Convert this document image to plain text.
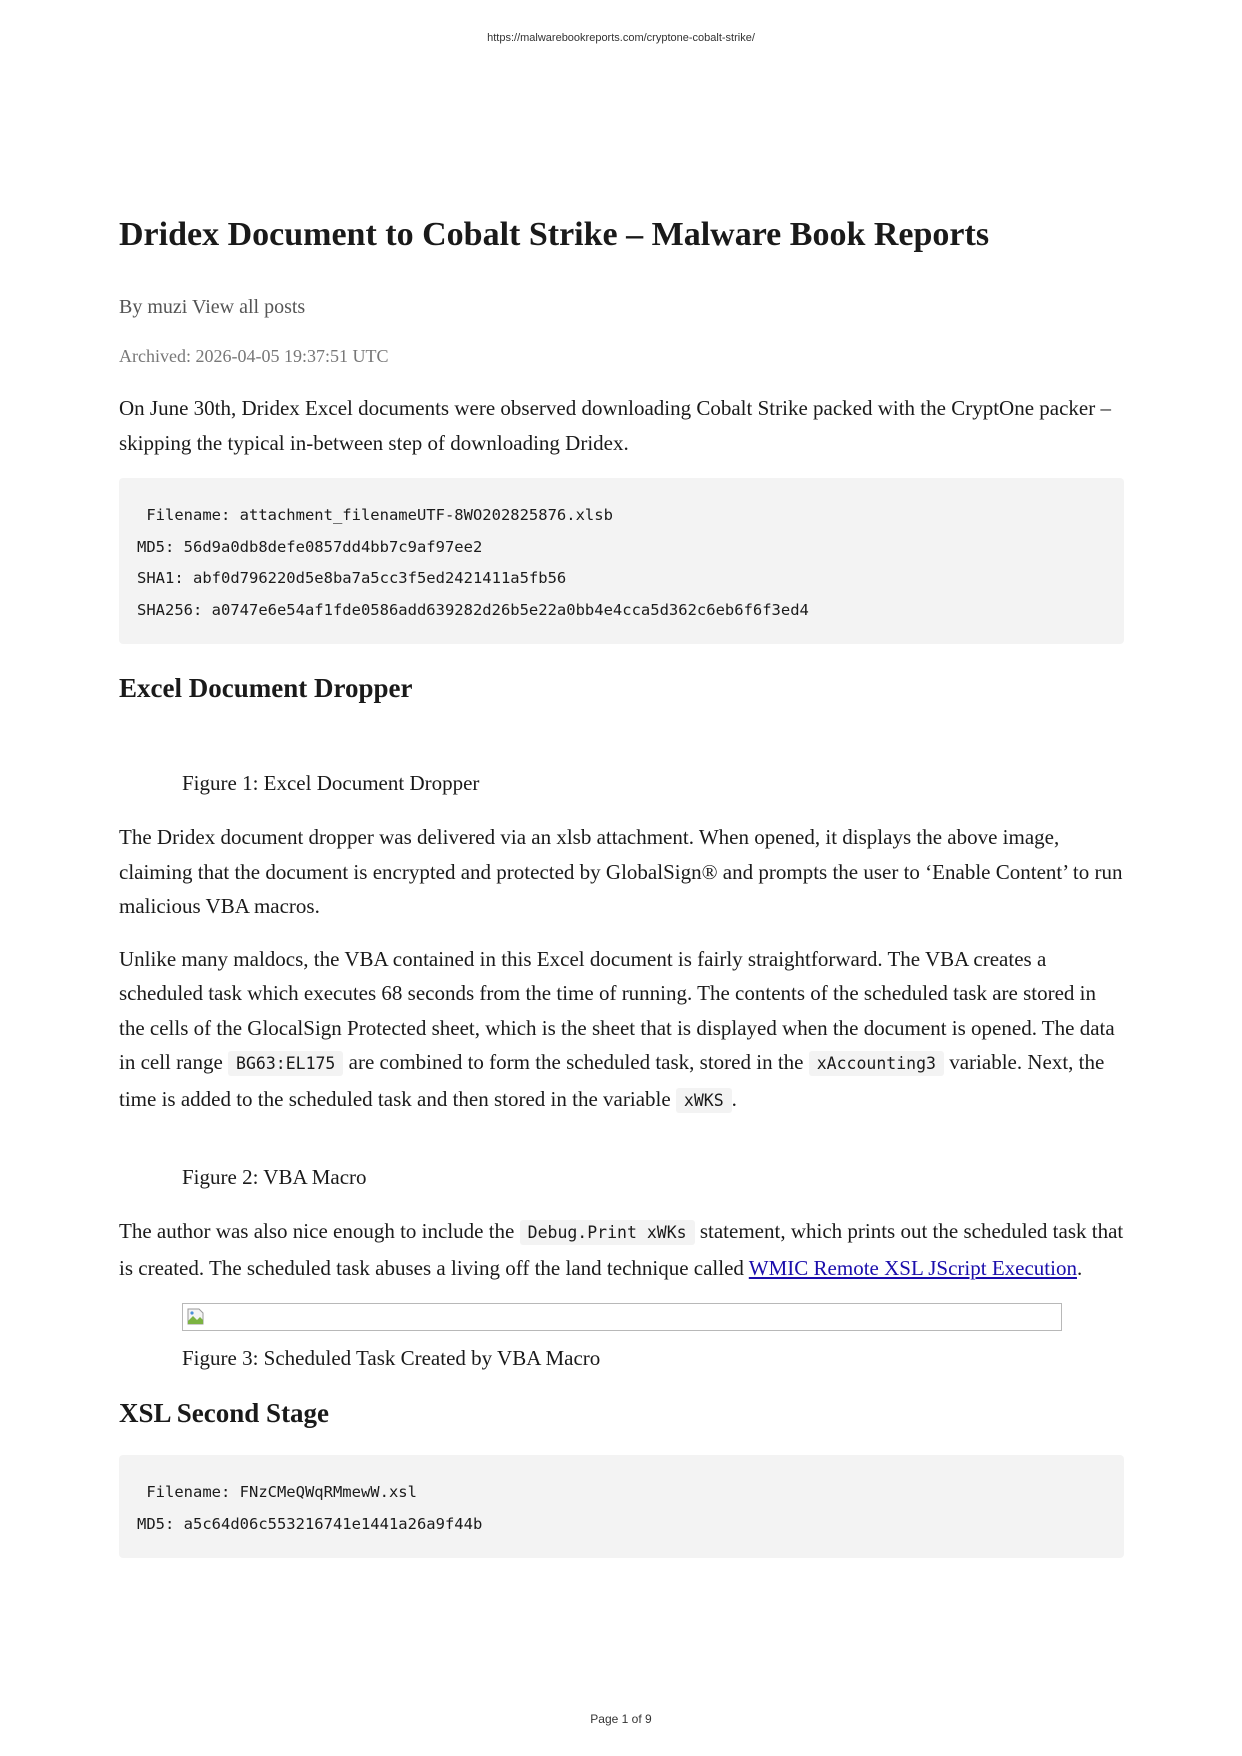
https://malwarebookreports.com/cryptone-cobalt-strike/
Dridex Document to Cobalt Strike – Malware Book Reports
By muzi View all posts
Archived: 2026-04-05 19:37:51 UTC

On June 30th, Dridex Excel documents were observed downloading Cobalt Strike packed with the CryptOne packer – skipping the typical in-between step of downloading Dridex.

Filename: attachment_filenameUTF-8WO202825876.xlsb
MD5: 56d9a0db8defe0857dd4bb7c9af97ee2
SHA1: abf0d796220d5e8ba7a5cc3f5ed2421411a5fb56
SHA256: a0747e6e54af1fde0586add639282d26b5e22a0bb4e4cca5d362c6eb6f6f3ed4
Excel Document Dropper
Figure 1: Excel Document Dropper

The Dridex document dropper was delivered via an xlsb attachment. When opened, it displays the above image, claiming that the document is encrypted and protected by GlobalSign® and prompts the user to ‘Enable Content’ to run malicious VBA macros.

Unlike many maldocs, the VBA contained in this Excel document is fairly straightforward. The VBA creates a scheduled task which executes 68 seconds from the time of running. The contents of the scheduled task are stored in the cells of the GlocalSign Protected sheet, which is the sheet that is displayed when the document is opened. The data in cell range BG63:EL175 are combined to form the scheduled task, stored in the xAccounting3 variable. Next, the time is added to the scheduled task and then stored in the variable xWKS .

Figure 2: VBA Macro

The author was also nice enough to include the Debug.Print xWKs statement, which prints out the scheduled task that is created. The scheduled task abuses a living off the land technique called WMIC Remote XSL JScript Execution.

Figure 3: Scheduled Task Created by VBA Macro
XSL Second Stage
Filename: FNzCMeQWqRMmewW.xsl
MD5: a5c64d06c553216741e1441a26a9f44b
Page 1 of 9
